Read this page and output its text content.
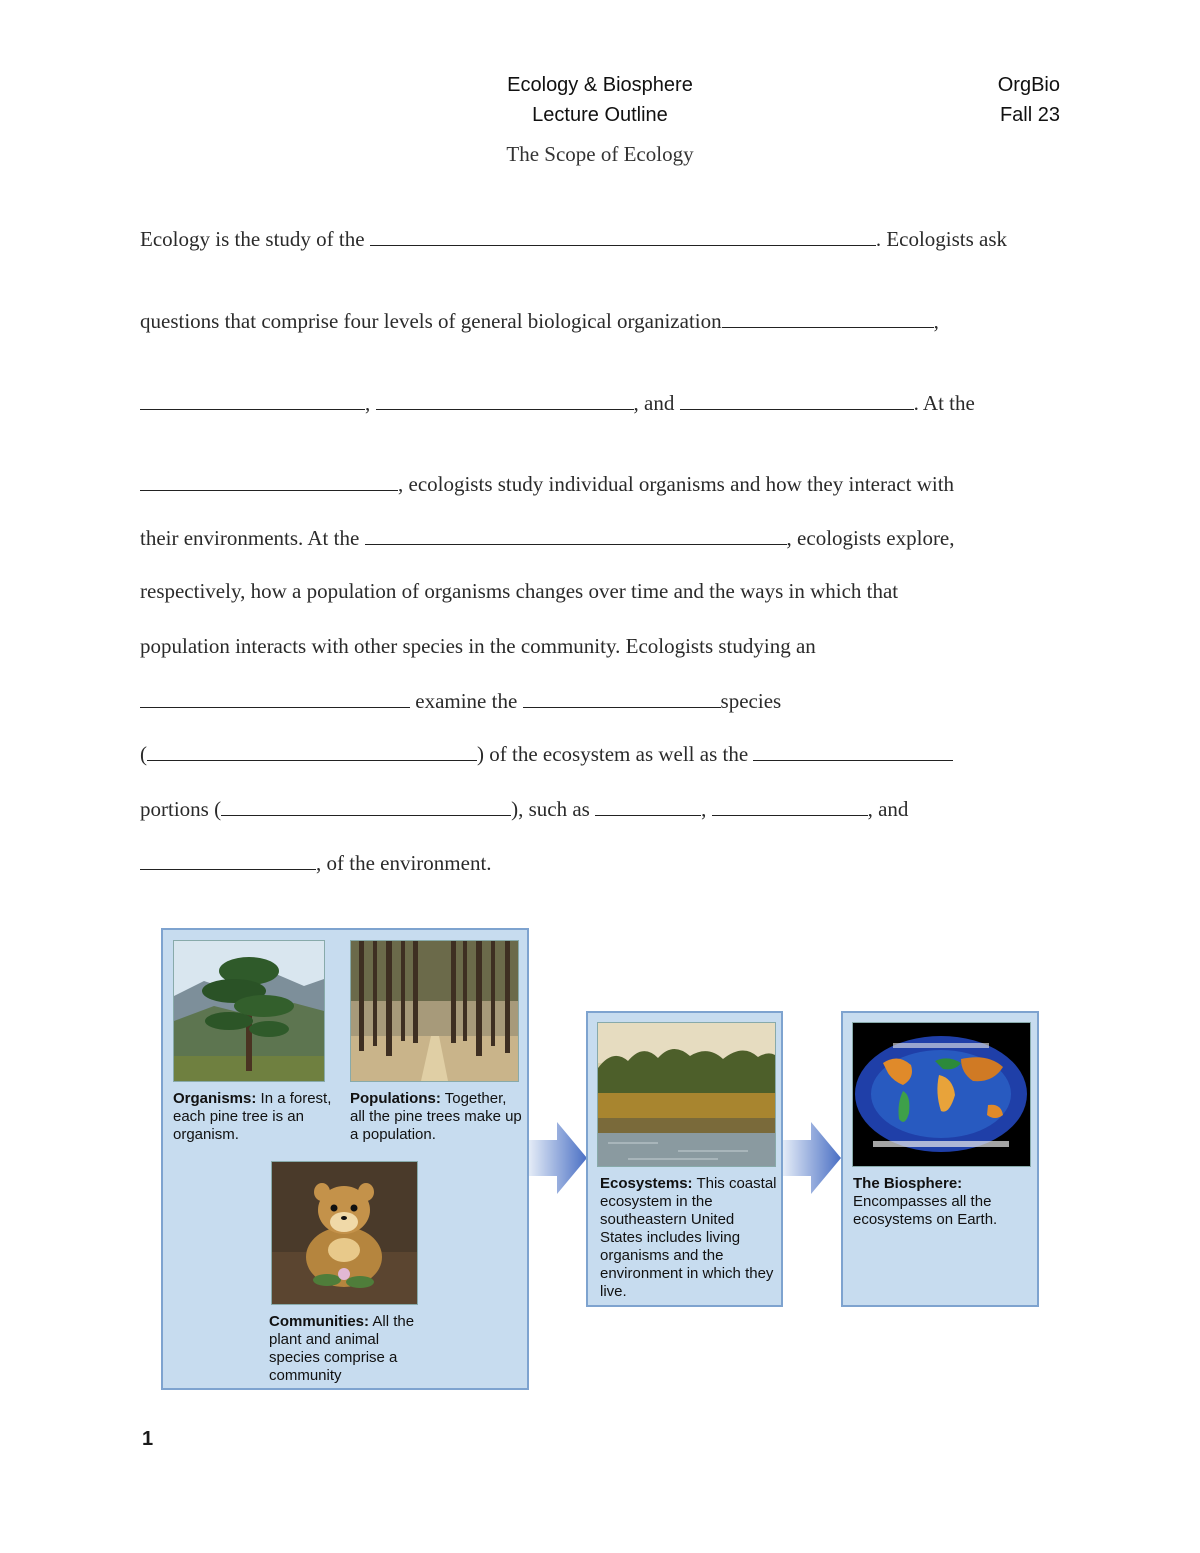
Ecology & Biosphere
Lecture Outline
OrgBio
Fall 23
The Scope of Ecology
Ecology is the study of the	. Ecologists ask
questions that comprise four levels of general biological organization	,
,	, and	. At the
, ecologists study individual organisms and how they interact with
their environments. At the	, ecologists explore,
respectively, how a population of organisms changes over time and the ways in which that
population interacts with other species in the community. Ecologists studying an
examine the	species
(	) of the ecosystem as well as the
portions (	), such as	,	, and
, of the environment.
Organisms: In a forest, each pine tree is an organism.
Populations: Together, all the pine trees make up a population.
Communities: All the plant and animal species comprise a community
Ecosystems: This coastal ecosystem in the southeastern United States includes living organisms and the environment in which they live.
The Biosphere: Encompasses all the ecosystems on Earth.
1
